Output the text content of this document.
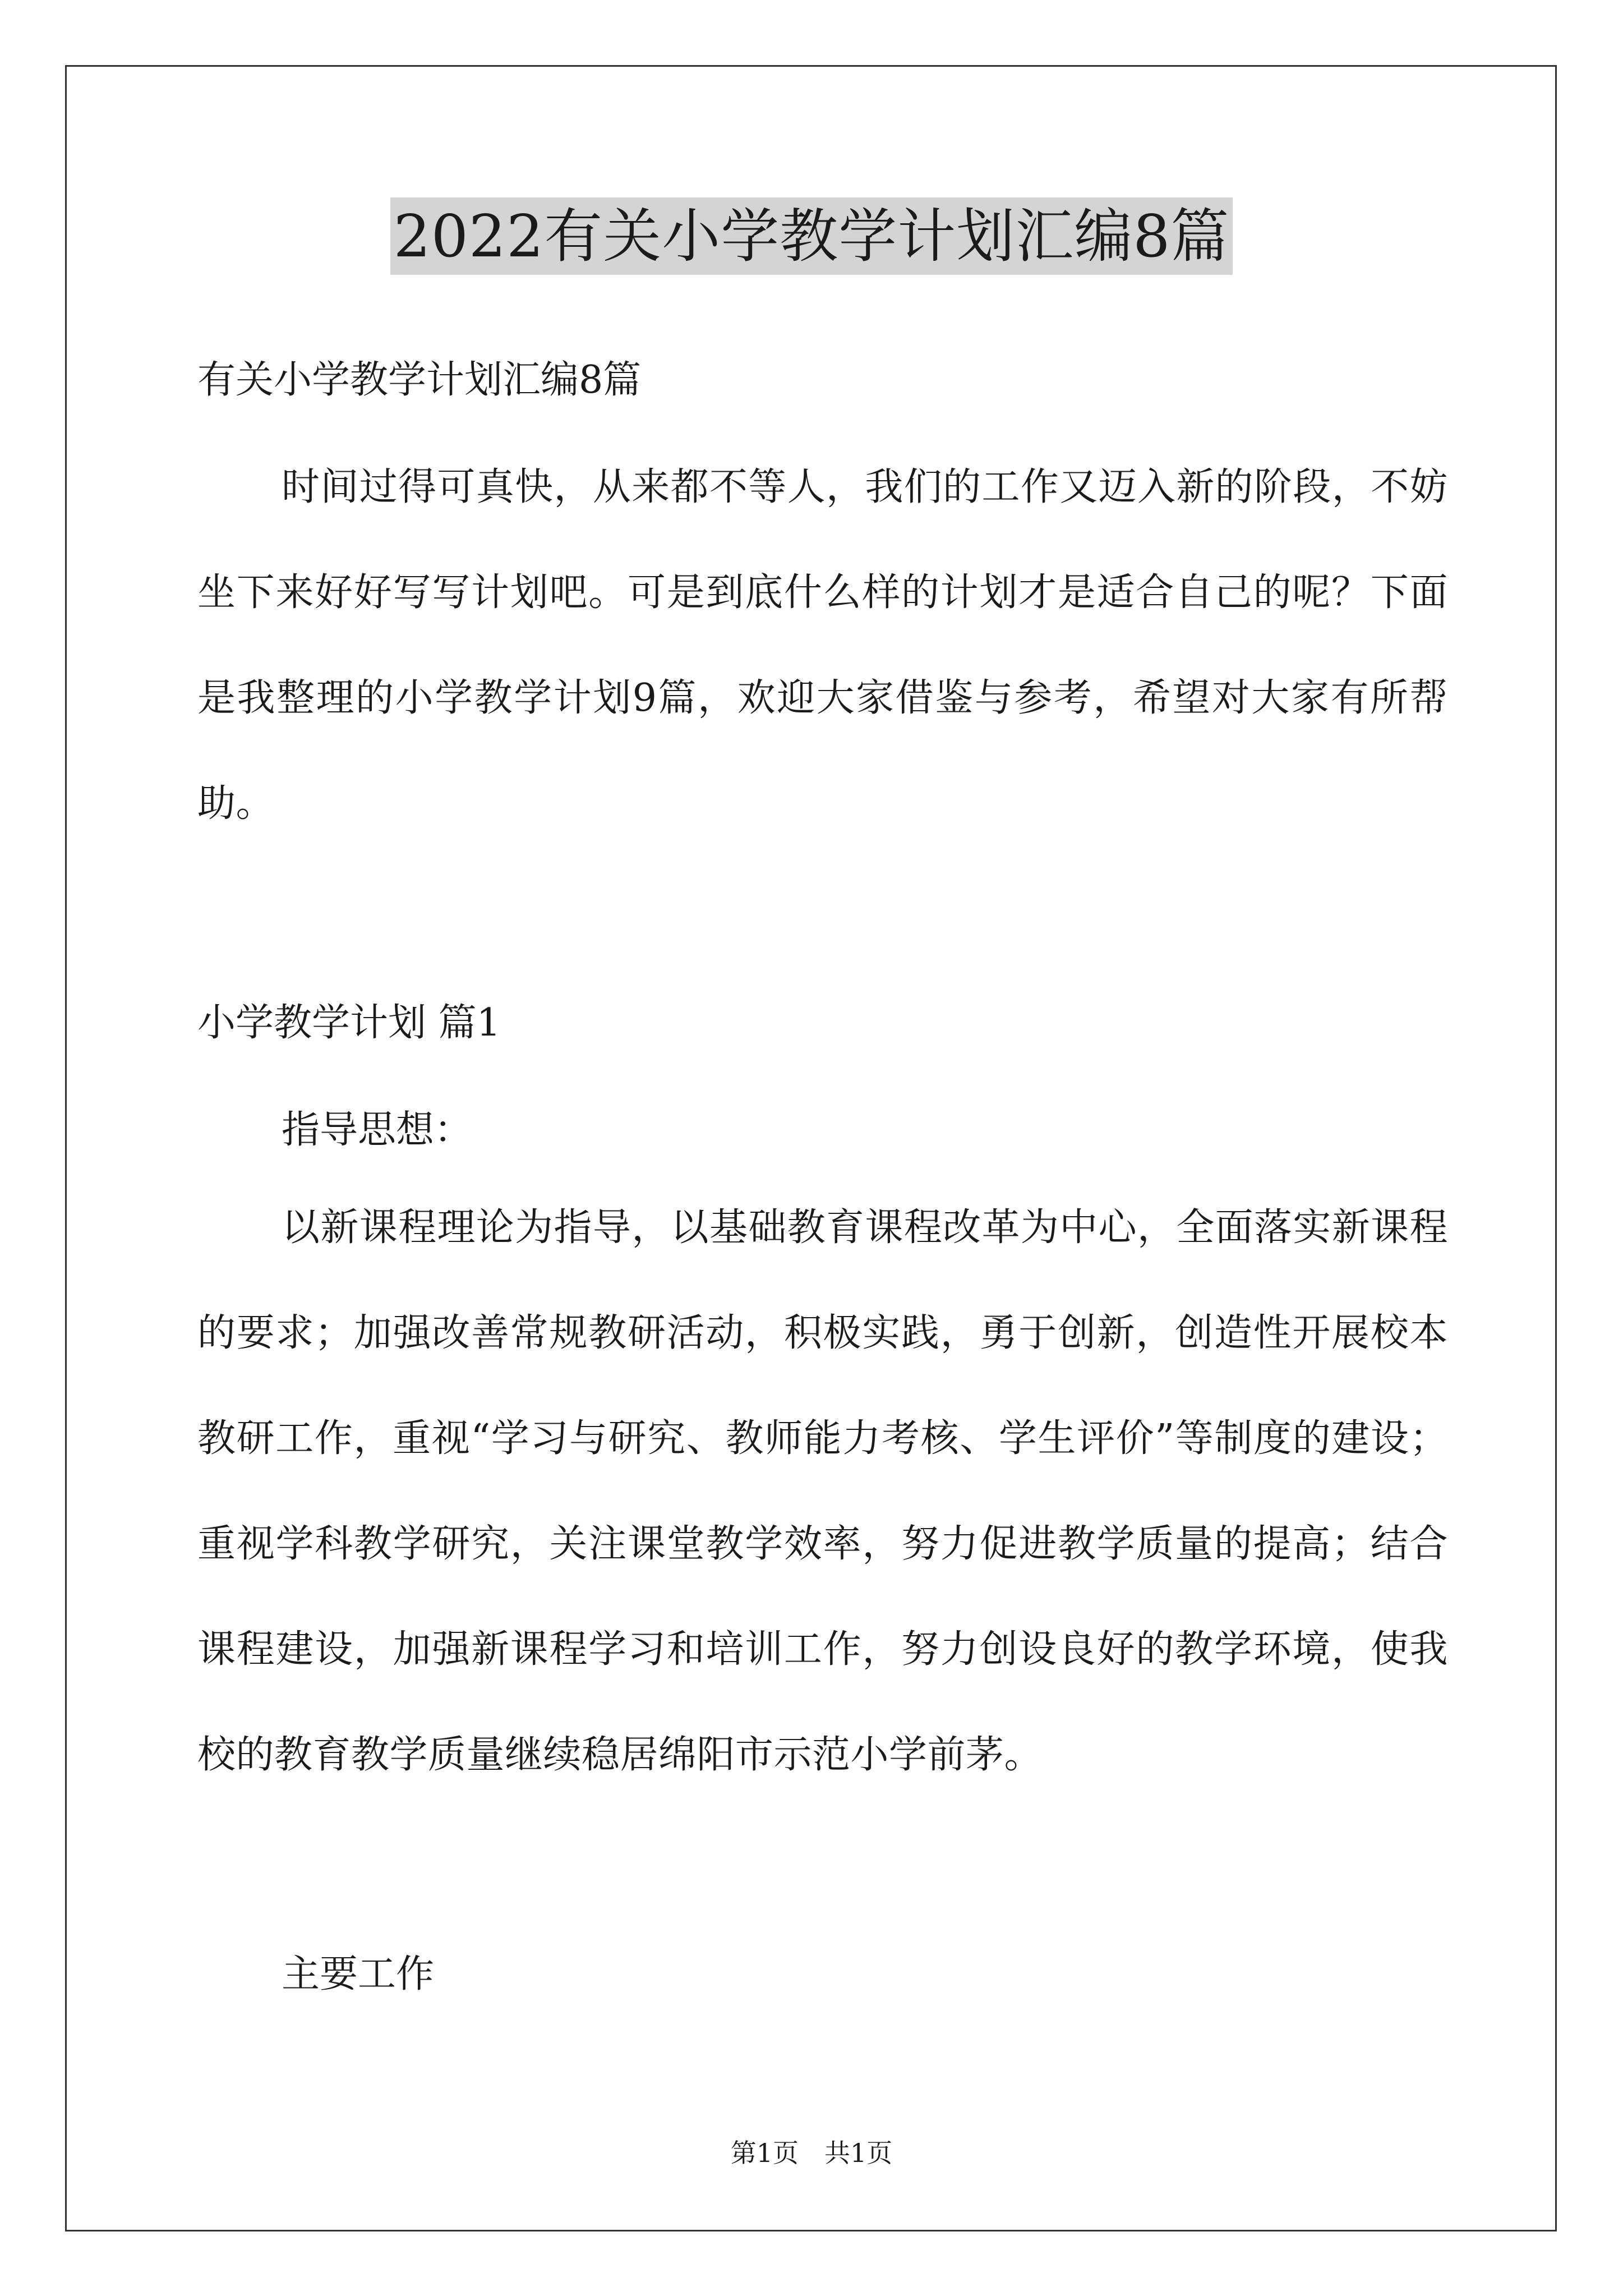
2022有关小学教学计划汇编8篇
有关小学教学计划汇编8篇
时间过得可真快，从来都不等人，我们的工作又迈入新的阶段，不妨坐下来好好写写计划吧。可是到底什么样的计划才是适合自己的呢？下面是我整理的小学教学计划9篇，欢迎大家借鉴与参考，希望对大家有所帮助。
小学教学计划 篇1
指导思想：
以新课程理论为指导，以基础教育课程改革为中心，全面落实新课程的要求；加强改善常规教研活动，积极实践，勇于创新，创造性开展校本教研工作，重视“学习与研究、教师能力考核、学生评价”等制度的建设；重视学科教学研究，关注课堂教学效率，努力促进教学质量的提高；结合课程建设，加强新课程学习和培训工作，努力创设良好的教学环境，使我校的教育教学质量继续稳居绵阳市示范小学前茅。
主要工作
第1页　共1页
